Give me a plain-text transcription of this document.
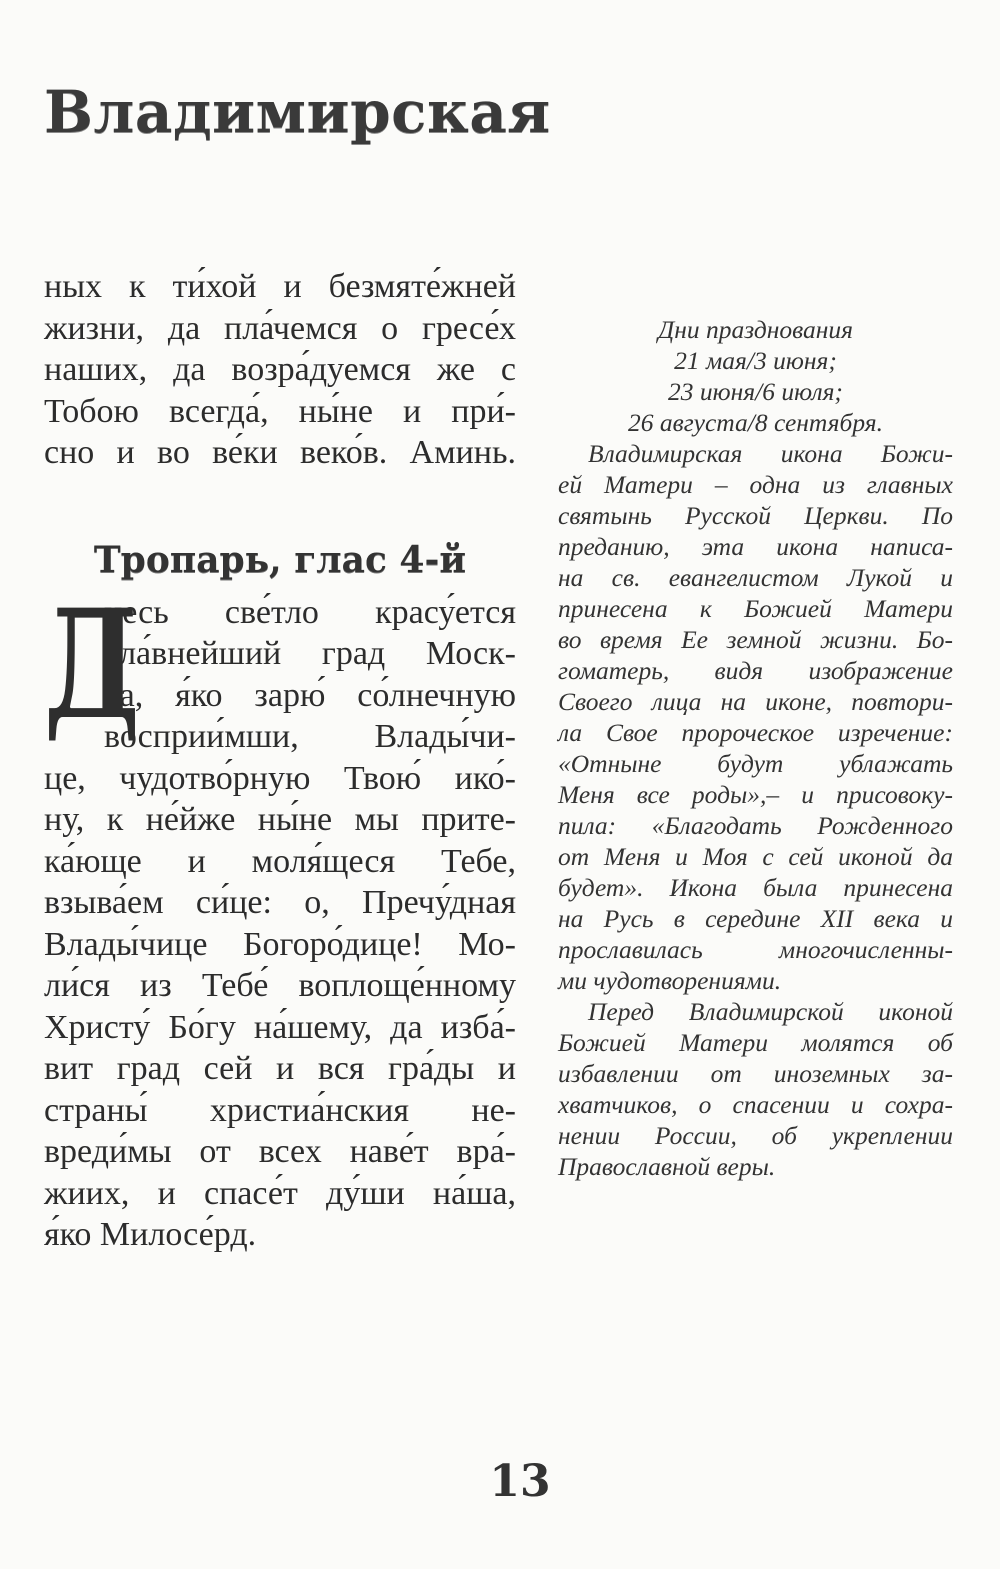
Владимирская

ных к ти́хой и безмяте́жней
жизни, да пла́чемся о гресе́х
наших, да возра́дуемся же с
Тобою всегда́, ны́не и при́-
сно и во ве́ки веко́в. Аминь.

Тропарь, глас 4-й
Д

несь све́тло красу́ется
сла́внейший град Моск-
ва, я́ко зарю́ со́лнечную
восприи́мши, Влады́чи-
це, чудотво́рную Твою́ ико́-
ну, к не́йже ны́не мы прите-
ка́юще и моля́щеся Тебе,
взыва́ем си́це: о, Пречу́дная
Влады́чице Богоро́дице! Мо-
ли́ся из Тебе́ воплоще́нному
Христу́ Бо́гу на́шему, да изба́-
вит град сей и вся гра́ды и
страны́ христиа́нския не-
вреди́мы от всех наве́т вра́-
жиих, и спасе́т ду́ши на́ша,
я́ко Милосе́рд.

Дни празднования
21 мая/3 июня;
23 июня/6 июля;
26 августа/8 сентября.

Владимирская икона Божи-
ей Матери – одна из главных
святынь Русской Церкви. По
преданию, эта икона написа-
на св. евангелистом Лукой и
принесена к Божией Матери
во время Ее земной жизни. Бо-
гоматерь, видя изображение
Своего лица на иконе, повтори-
ла Свое пророческое изречение:
«Отныне будут ублажать
Меня все роды»,– и присовоку-
пила: «Благодать Рожденного
от Меня и Моя с сей иконой да
будет». Икона была принесена
на Русь в середине XII века и
прославилась многочисленны-
ми чудотворениями.

Перед Владимирской иконой
Божией Матери молятся об
избавлении от иноземных за-
хватчиков, о спасении и сохра-
нении России, об укреплении
Православной веры.

13
